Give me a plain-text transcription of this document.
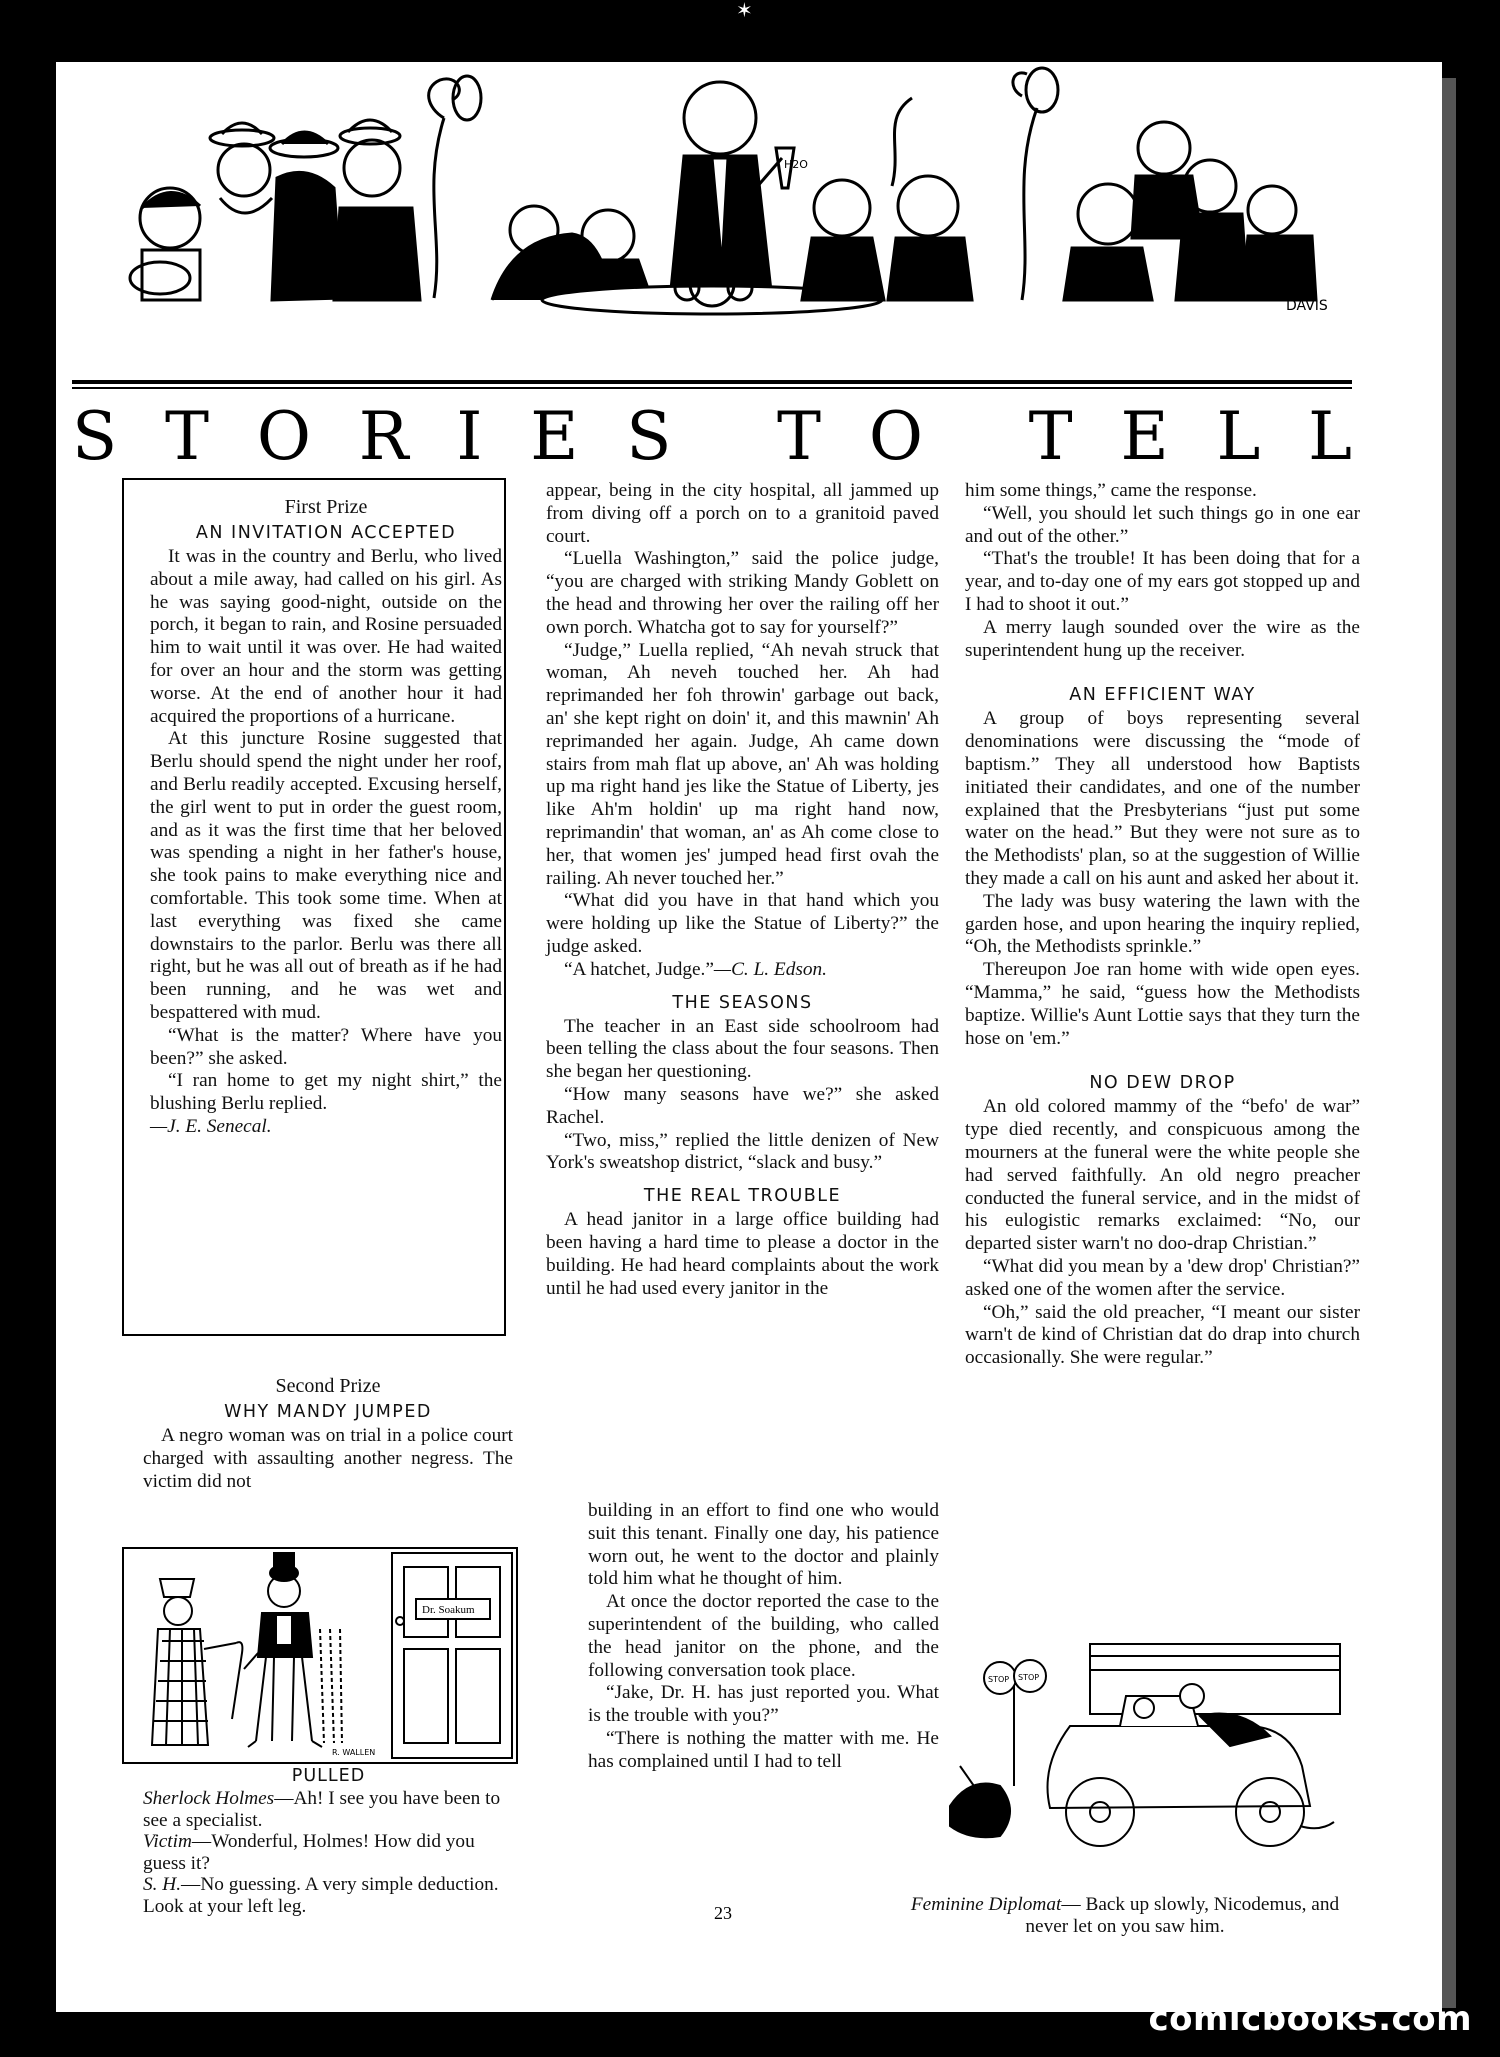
✶
DAVIS
H2O
S T O R I E S T O T E L L

First Prize

AN INVITATION ACCEPTED

It was in the country and Berlu, who lived about a mile away, had called on his girl. As he was saying good-night, outside on the porch, it began to rain, and Rosine persuaded him to wait until it was over. He had waited for over an hour and the storm was getting worse. At the end of another hour it had acquired the proportions of a hurricane.

At this juncture Rosine suggested that Berlu should spend the night under her roof, and Berlu readily accepted. Excusing herself, the girl went to put in order the guest room, and as it was the first time that her beloved was spending a night in her father's house, she took pains to make everything nice and comfortable. This took some time. When at last everything was fixed she came downstairs to the parlor. Berlu was there all right, but he was all out of breath as if he had been running, and he was wet and bespattered with mud.

“What is the matter? Where have you been?” she asked.

“I ran home to get my night shirt,” the blushing Berlu replied.

—J. E. Senecal.

Second Prize

WHY MANDY JUMPED

A negro woman was on trial in a police court charged with assaulting another negress. The victim did not

Dr. Soakum
R. WALLEN

PULLED

Sherlock Holmes—Ah! I see you have been to see a specialist.

Victim—Wonderful, Holmes! How did you guess it?

S. H.—No guessing. A very simple deduction. Look at your left leg.

appear, being in the city hospital, all jammed up from diving off a porch on to a granitoid paved court.

“Luella Washington,” said the police judge, “you are charged with striking Mandy Goblett on the head and throwing her over the railing off her own porch. Whatcha got to say for yourself?”

“Judge,” Luella replied, “Ah nevah struck that woman, Ah neveh touched her. Ah had reprimanded her foh throwin' garbage out back, an' she kept right on doin' it, and this mawnin' Ah reprimanded her again. Judge, Ah came down stairs from mah flat up above, an' Ah was holding up ma right hand jes like the Statue of Liberty, jes like Ah'm holdin' up ma right hand now, reprimandin' that woman, an' as Ah come close to her, that women jes' jumped head first ovah the railing. Ah never touched her.”

“What did you have in that hand which you were holding up like the Statue of Liberty?” the judge asked.

“A hatchet, Judge.”—C. L. Edson.

THE SEASONS

The teacher in an East side schoolroom had been telling the class about the four seasons. Then she began her questioning.

“How many seasons have we?” she asked Rachel.

“Two, miss,” replied the little denizen of New York's sweatshop district, “slack and busy.”

THE REAL TROUBLE

A head janitor in a large office building had been having a hard time to please a doctor in the building. He had heard complaints about the work until he had used every janitor in the

building in an effort to find one who would suit this tenant. Finally one day, his patience worn out, he went to the doctor and plainly told him what he thought of him.

At once the doctor reported the case to the superintendent of the building, who called the head janitor on the phone, and the following conversation took place.

“Jake, Dr. H. has just reported you. What is the trouble with you?”

“There is nothing the matter with me. He has complained until I had to tell

him some things,” came the response.

“Well, you should let such things go in one ear and out of the other.”

“That's the trouble! It has been doing that for a year, and to-day one of my ears got stopped up and I had to shoot it out.”

A merry laugh sounded over the wire as the superintendent hung up the receiver.

AN EFFICIENT WAY

A group of boys representing several denominations were discussing the “mode of baptism.” They all understood how Baptists initiated their candidates, and one of the number explained that the Presbyterians “just put some water on the head.” But they were not sure as to the Methodists' plan, so at the suggestion of Willie they made a call on his aunt and asked her about it.

The lady was busy watering the lawn with the garden hose, and upon hearing the inquiry replied, “Oh, the Methodists sprinkle.”

Thereupon Joe ran home with wide open eyes. “Mamma,” he said, “guess how the Methodists baptize. Willie's Aunt Lottie says that they turn the hose on 'em.”

NO DEW DROP

An old colored mammy of the “befo' de war” type died recently, and conspicuous among the mourners at the funeral were the white people she had served faithfully. An old negro preacher conducted the funeral service, and in the midst of his eulogistic remarks exclaimed: “No, our departed sister warn't no doo-drap Christian.”

“What did you mean by a 'dew drop' Christian?” asked one of the women after the service.

“Oh,” said the old preacher, “I meant our sister warn't de kind of Christian dat do drap into church occasionally. She were regular.”

STOP STOP

Feminine Diplomat— Back up slowly, Nicodemus, and never let on you saw him.

23
comicbooks.com
